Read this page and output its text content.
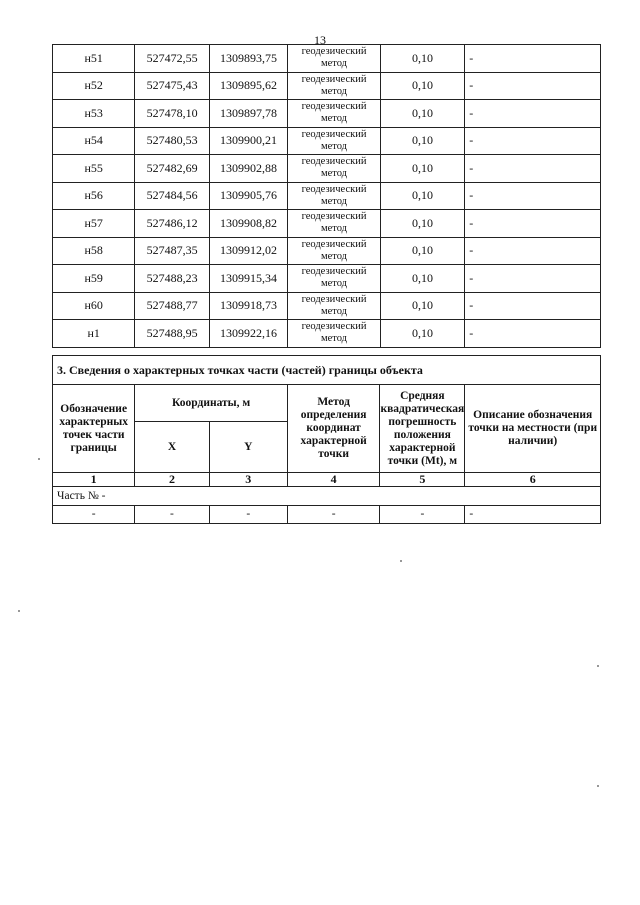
13
н51	527472,55	1309893,75	геодезический метод	0,10	-
н52	527475,43	1309895,62	геодезический метод	0,10	-
н53	527478,10	1309897,78	геодезический метод	0,10	-
н54	527480,53	1309900,21	геодезический метод	0,10	-
н55	527482,69	1309902,88	геодезический метод	0,10	-
н56	527484,56	1309905,76	геодезический метод	0,10	-
н57	527486,12	1309908,82	геодезический метод	0,10	-
н58	527487,35	1309912,02	геодезический метод	0,10	-
н59	527488,23	1309915,34	геодезический метод	0,10	-
н60	527488,77	1309918,73	геодезический метод	0,10	-
н1	527488,95	1309922,16	геодезический метод	0,10	-
3. Сведения о характерных точках части (частей) границы объекта					
Обозначение характерных точек части границы	Координаты, м		Метод определения координат характерной точки	Средняя квадратическая погрешность положения характерной точки (Mt), м	Описание обозначения точки на местности (при наличии)
	X	Y			
1	2	3	4	5	6
Часть № -					
-	-	-	-	-	-
